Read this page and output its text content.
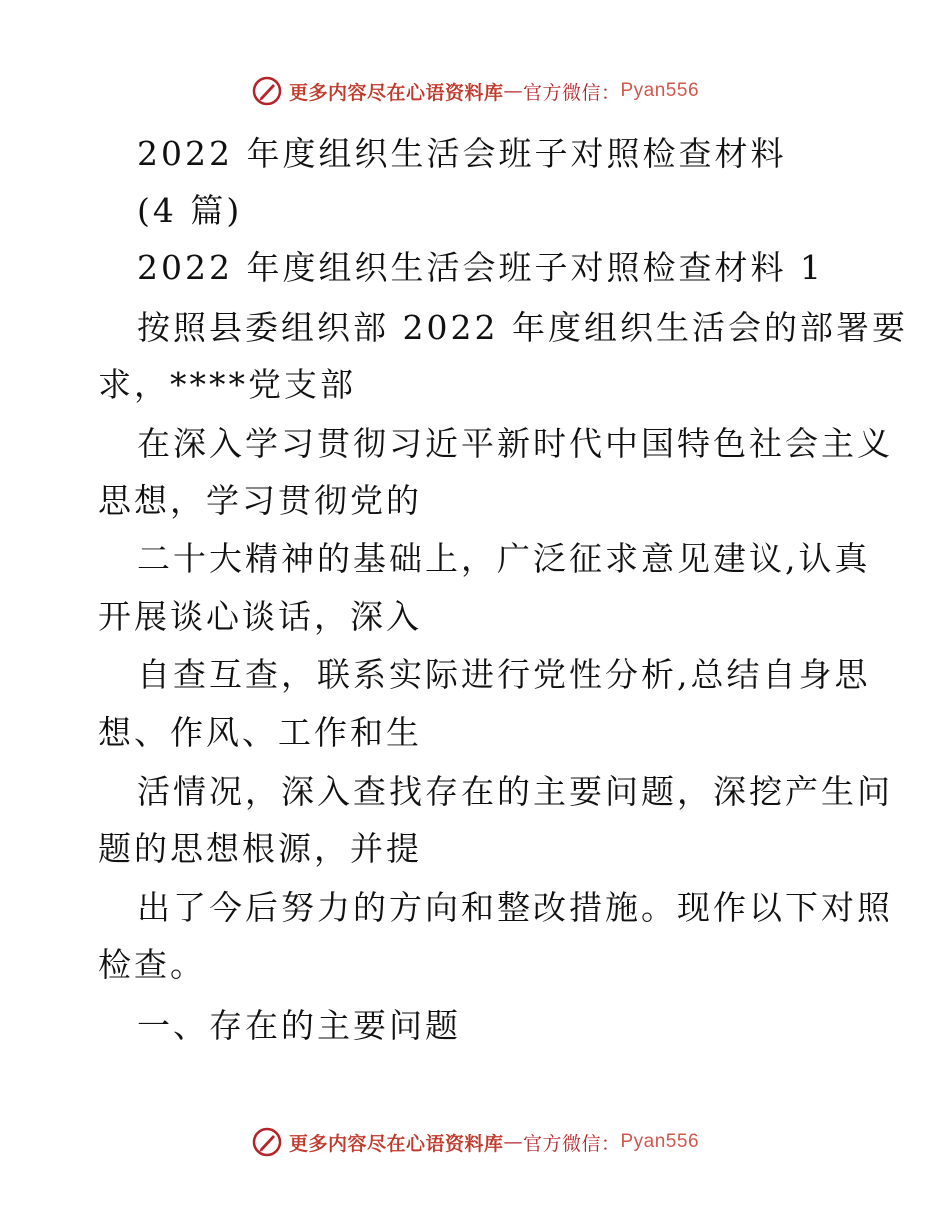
更多内容尽在心语资料库 — 官方微信： Pyan556
2022 年度组织生活会班子对照检查材料
(4 篇)
2022 年度组织生活会班子对照检查材料 1
按照县委组织部 2022 年度组织生活会的部署要
求，****党支部
在深入学习贯彻习近平新时代中国特色社会主义
思想，学习贯彻党的
二十大精神的基础上，广泛征求意见建议,认真
开展谈心谈话，深入
自查互查，联系实际进行党性分析,总结自身思
想、作风、工作和生
活情况，深入查找存在的主要问题，深挖产生问
题的思想根源，并提
出了今后努力的方向和整改措施。现作以下对照
检查。
一、存在的主要问题
更多内容尽在心语资料库 — 官方微信： Pyan556
